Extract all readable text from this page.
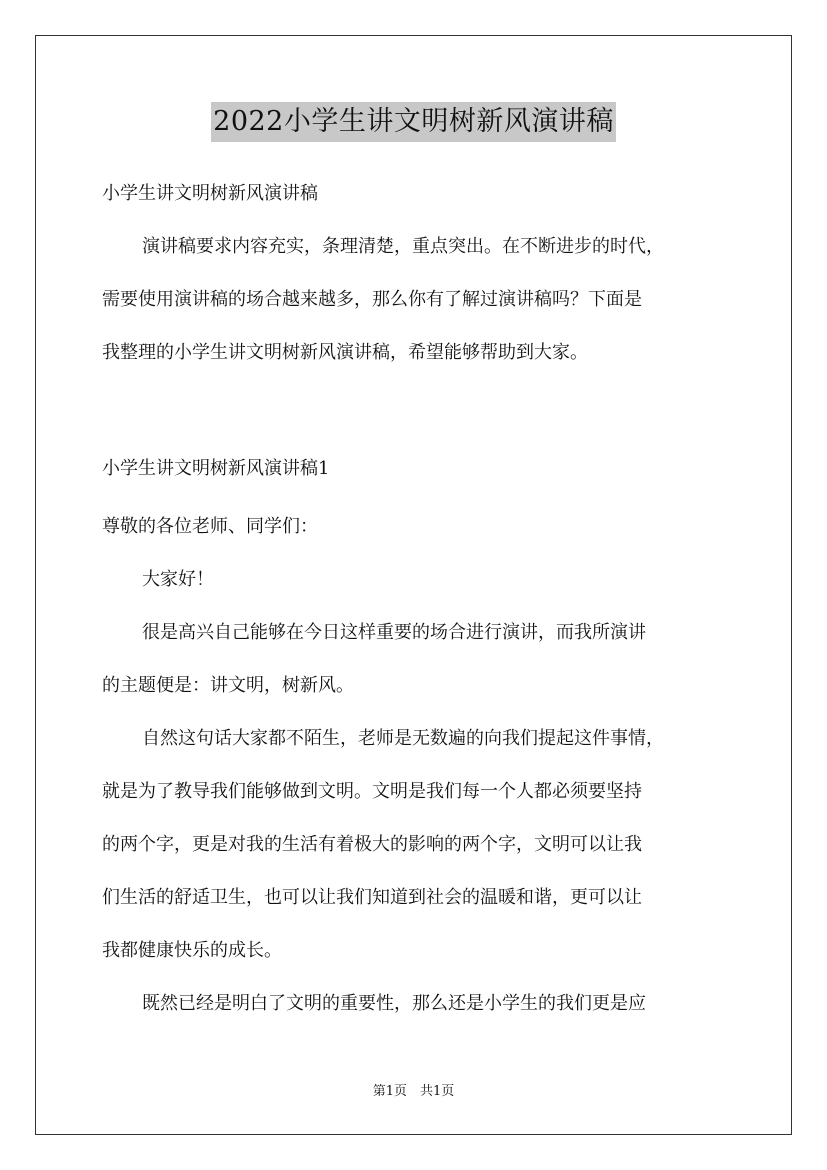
2022小学生讲文明树新风演讲稿
小学生讲文明树新风演讲稿
演讲稿要求内容充实，条理清楚，重点突出。在不断进步的时代，
需要使用演讲稿的场合越来越多，那么你有了解过演讲稿吗？下面是
我整理的小学生讲文明树新风演讲稿，希望能够帮助到大家。
小学生讲文明树新风演讲稿1
尊敬的各位老师、同学们：
大家好！
很是高兴自己能够在今日这样重要的场合进行演讲，而我所演讲
的主题便是：讲文明，树新风。
自然这句话大家都不陌生，老师是无数遍的向我们提起这件事情，
就是为了教导我们能够做到文明。文明是我们每一个人都必须要坚持
的两个字，更是对我的生活有着极大的影响的两个字，文明可以让我
们生活的舒适卫生，也可以让我们知道到社会的温暖和谐，更可以让
我都健康快乐的成长。
既然已经是明白了文明的重要性，那么还是小学生的我们更是应
第1页　共1页
